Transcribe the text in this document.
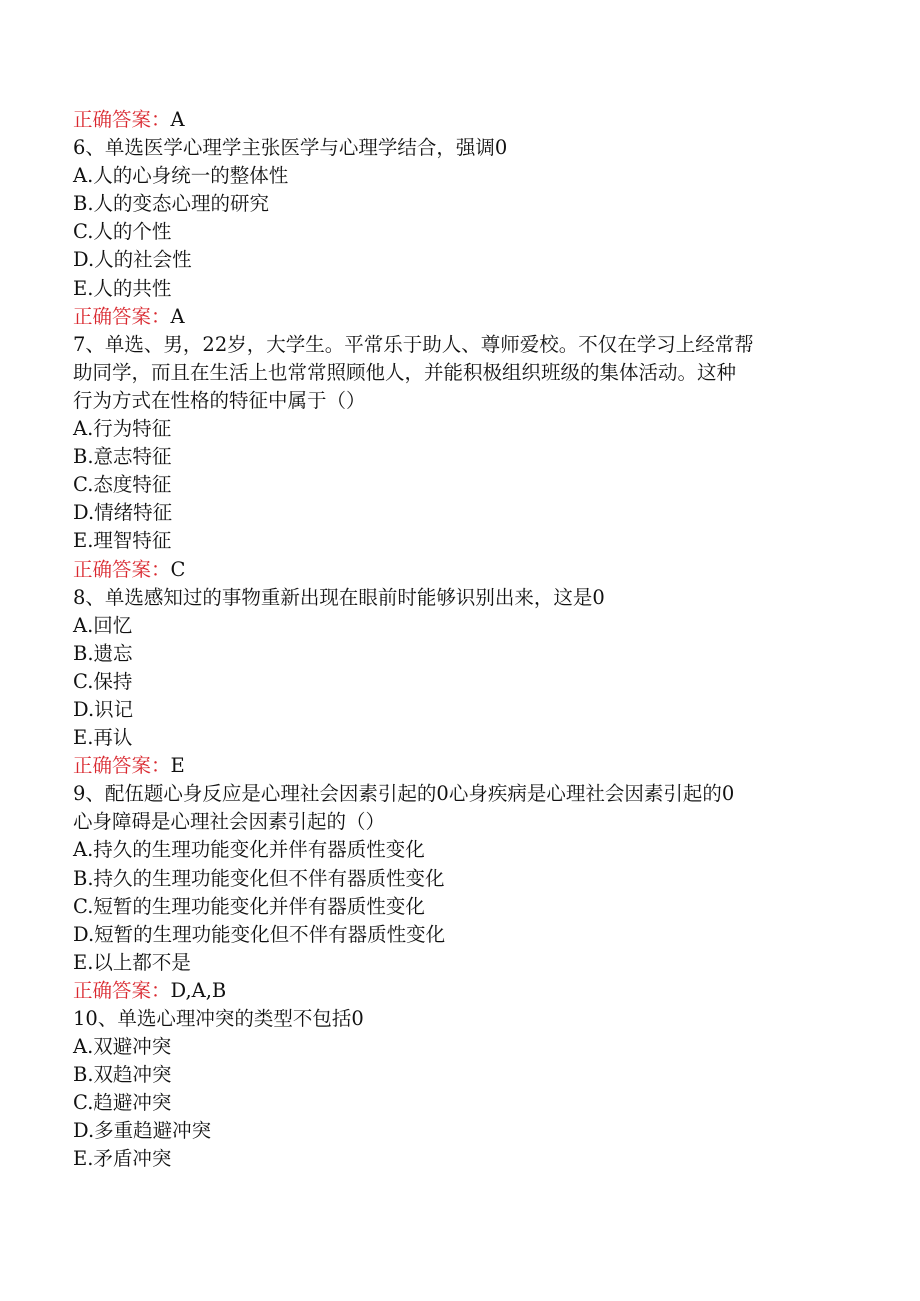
正确答案：A
6、单选医学心理学主张医学与心理学结合，强调0
A.人的心身统一的整体性
B.人的变态心理的研究
C.人的个性
D.人的社会性
E.人的共性
正确答案：A
7、单选、男，22岁，大学生。平常乐于助人、尊师爱校。不仅在学习上经常帮
助同学，而且在生活上也常常照顾他人，并能积极组织班级的集体活动。这种
行为方式在性格的特征中属于（）
A.行为特征
B.意志特征
C.态度特征
D.情绪特征
E.理智特征
正确答案：C
8、单选感知过的事物重新出现在眼前时能够识别出来，这是0
A.回忆
B.遗忘
C.保持
D.识记
E.再认
正确答案：E
9、配伍题心身反应是心理社会因素引起的0心身疾病是心理社会因素引起的0
心身障碍是心理社会因素引起的（）
A.持久的生理功能变化并伴有器质性变化
B.持久的生理功能变化但不伴有器质性变化
C.短暂的生理功能变化并伴有器质性变化
D.短暂的生理功能变化但不伴有器质性变化
E.以上都不是
正确答案：D,A,B
10、单选心理冲突的类型不包括0
A.双避冲突
B.双趋冲突
C.趋避冲突
D.多重趋避冲突
E.矛盾冲突
